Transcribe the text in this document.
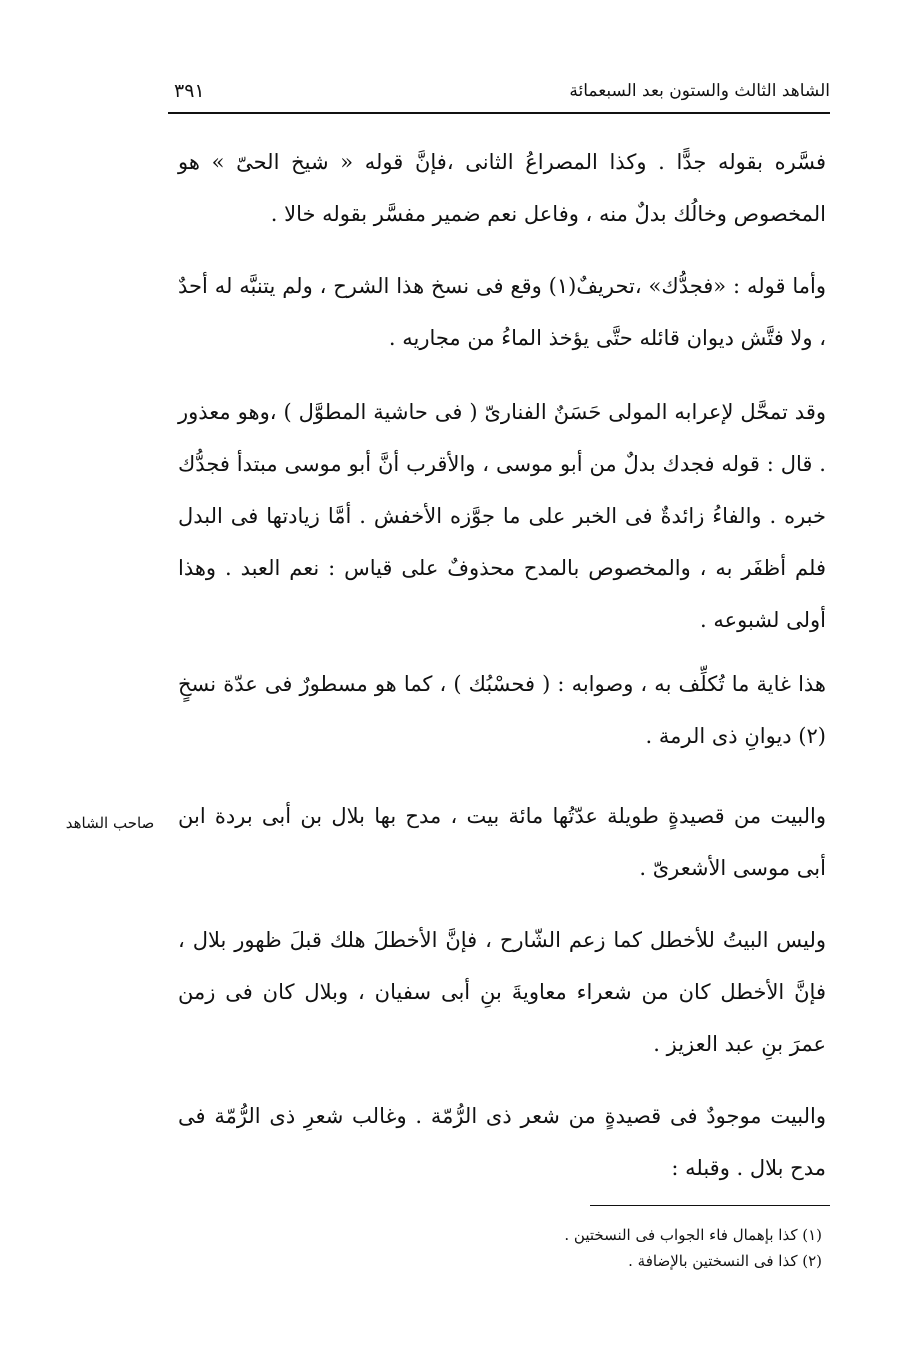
الشاهد الثالث والستون بعد السبعمائة
٣٩١

فسَّره بقوله جدًّا . وكذا المصراعُ الثانى ،فإنَّ قوله « شيخ الحىّ » هو المخصوص وخالُك بدلٌ منه ، وفاعل نعم ضمير مفسَّر بقوله خالا .

وأما قوله : «فجدُّك» ،تحريفٌ(١) وقع فى نسخ هذا الشرح ، ولم يتنبَّه له أحدٌ ، ولا فتَّش ديوان قائله حتَّى يؤخذ الماءُ من مجاريه .

وقد تمحَّل لإعرابه المولى حَسَنٌ الفنارىّ ( فى حاشية المطوَّل ) ،وهو معذور . قال : قوله فجدك بدلٌ من أبو موسى ، والأقرب أنَّ أبو موسى مبتدأ فجدُّك خبره . والفاءُ زائدةٌ فى الخبر على ما جوَّزه الأخفش . أمَّا زيادتها فى البدل فلم أظفَر به ، والمخصوص بالمدح محذوفٌ على قياس : نعم العبد . وهذا أولى لشبوعه .

هذا غاية ما تُكلِّف به ، وصوابه : ( فحسْبُك ) ، كما هو مسطورٌ فى عدّة نسخٍ (٢) ديوانِ ذى الرمة .

والبيت من قصيدةٍ طويلة عدّتُها مائة بيت ، مدح بها بلال بن أبى بردة ابن أبى موسى الأشعرىّ .

وليس البيتُ للأخطل كما زعم الشّارح ، فإنَّ الأخطلَ هلك قبلَ ظهور بلال ، فإنَّ الأخطل كان من شعراء معاويةَ بنِ أبى سفيان ، وبلال كان فى زمن عمرَ بنِ عبد العزيز .

والبيت موجودٌ فى قصيدةٍ من شعر ذى الرُّمّة . وغالب شعرِ ذى الرُّمّة فى مدح بلال . وقبله :

صاحب الشاهد
(١) كذا بإهمال فاء الجواب فى النسختين .
(٢) كذا فى النسختين بالإضافة .
